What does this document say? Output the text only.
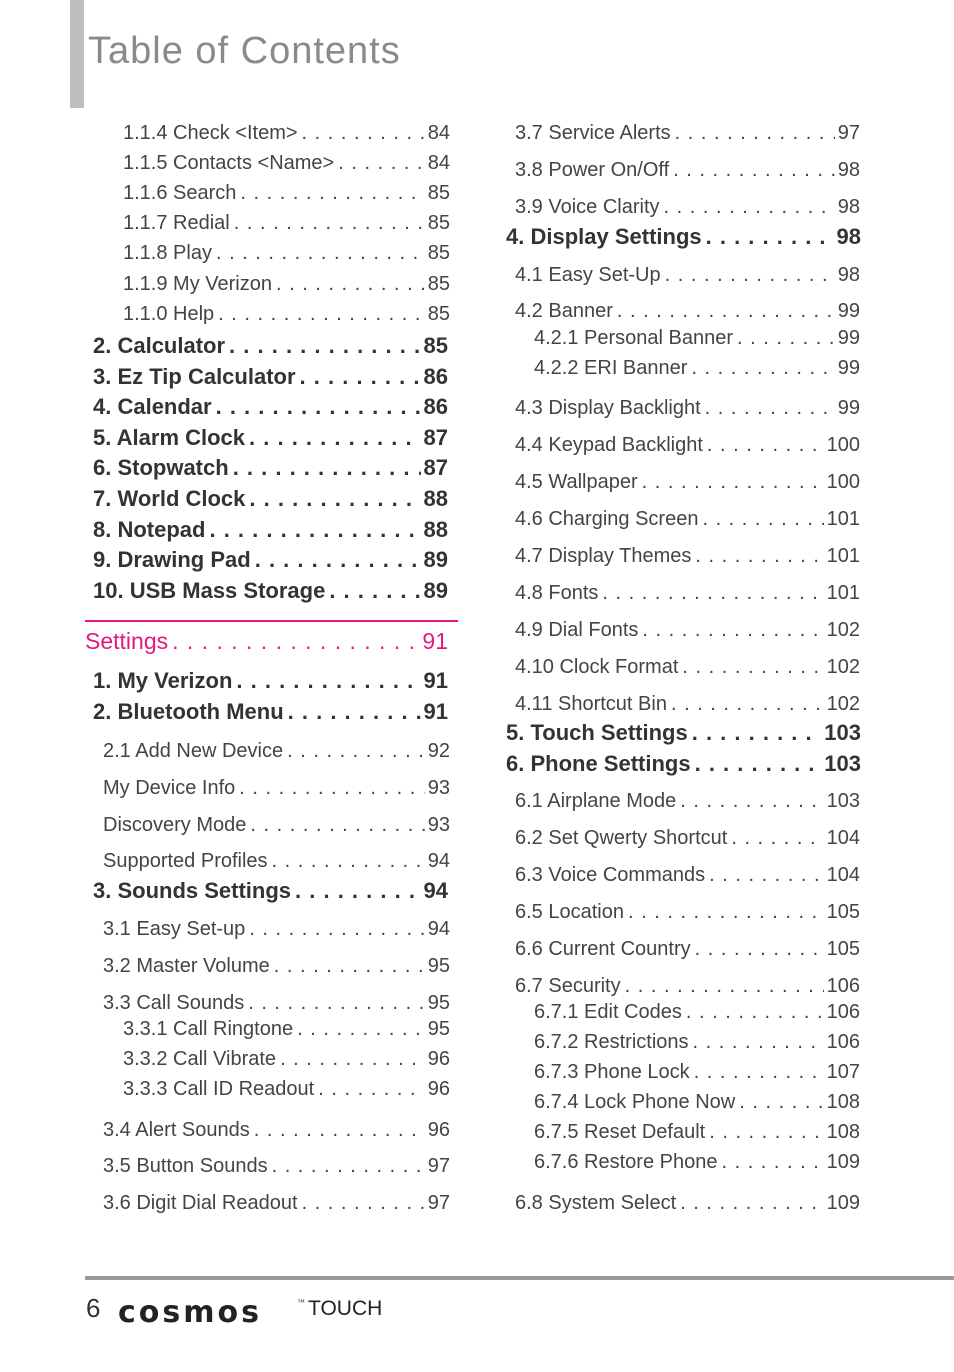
Table of Contents
1.1.4 Check <Item> . . .	84
1.1.5 Contacts <Name> . . .	84
1.1.6 Search . . .	85
1.1.7 Redial . . .	85
1.1.8 Play . . .	85
1.1.9 My Verizon . . .	85
1.1.0 Help . . .	85
2. Calculator . . .	85
3. Ez Tip Calculator . . .	86
4. Calendar . . .	86
5. Alarm Clock . . .	87
6. Stopwatch . . .	87
7. World Clock . . .	88
8. Notepad . . .	88
9. Drawing Pad . . .	89
10. USB Mass Storage . . .	89
Settings . . .	91
1. My Verizon . . .	91
2. Bluetooth Menu . . .	91
2.1 Add New Device . . .	92
My Device Info . . .	93
Discovery Mode . . .	93
Supported Profiles . . .	94
3. Sounds Settings . . .	94
3.1 Easy Set-up . . .	94
3.2 Master Volume . . .	95
3.3 Call Sounds . . .	95
3.3.1 Call Ringtone . . .	95
3.3.2 Call Vibrate . . .	96
3.3.3 Call ID Readout . . .	96
3.4 Alert Sounds . . .	96
3.5 Button Sounds . . .	97
3.6 Digit Dial Readout . . .	97
3.7 Service Alerts . . .	97
3.8 Power On/Off . . .	98
3.9 Voice Clarity . . .	98
4. Display Settings . . .	98
4.1 Easy Set-Up . . .	98
4.2 Banner . . .	99
4.2.1 Personal Banner . . .	99
4.2.2 ERI Banner . . .	99
4.3 Display Backlight . . .	99
4.4 Keypad Backlight . . .	100
4.5 Wallpaper . . .	100
4.6 Charging Screen . . .	101
4.7 Display Themes . . .	101
4.8 Fonts . . .	101
4.9 Dial Fonts . . .	102
4.10 Clock Format . . .	102
4.11 Shortcut Bin . . .	102
5. Touch Settings . . .	103
6. Phone Settings . . .	103
6.1 Airplane Mode . . .	103
6.2 Set Qwerty Shortcut . . .	104
6.3 Voice Commands . . .	104
6.5 Location . . .	105
6.6 Current Country . . .	105
6.7 Security . . .	106
6.7.1 Edit Codes . . .	106
6.7.2 Restrictions . . .	106
6.7.3 Phone Lock . . .	107
6.7.4 Lock Phone Now . . .	108
6.7.5 Reset Default . . .	108
6.7.6 Restore Phone . . .	109
6.8 System Select . . .	109
6 cosmos	™ TOUCH
